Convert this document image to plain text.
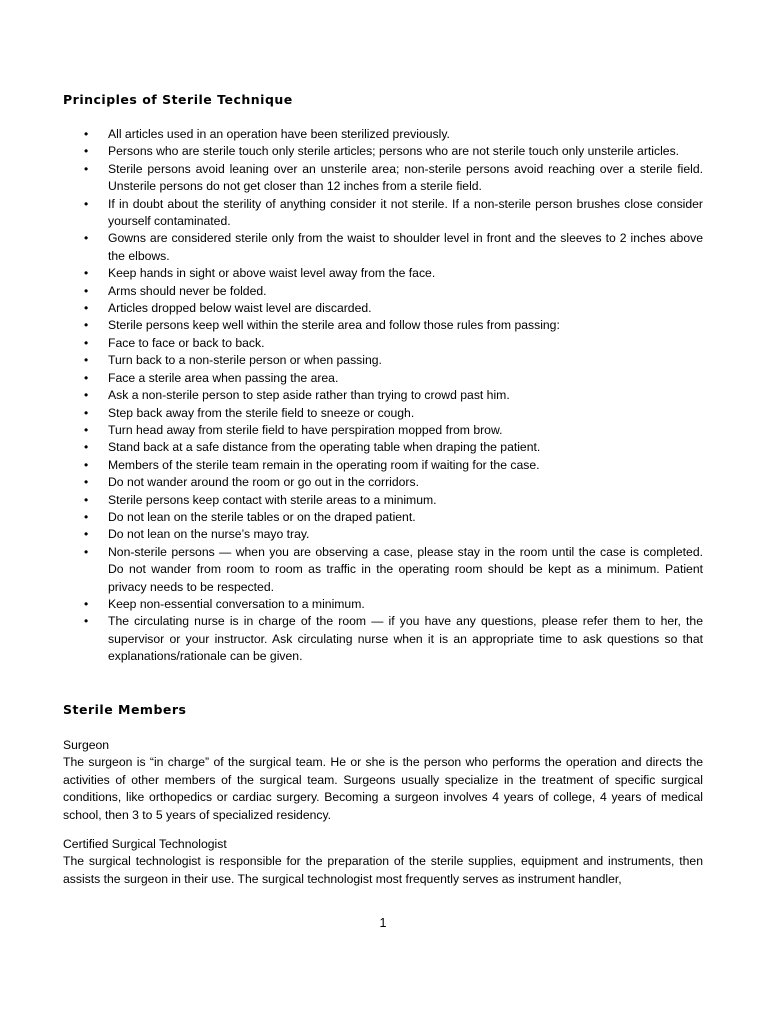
Principles of Sterile Technique
• All articles used in an operation have been sterilized previously.
• Persons who are sterile touch only sterile articles; persons who are not sterile touch only unsterile articles.
• Sterile persons avoid leaning over an unsterile area; non-sterile persons avoid reaching over a sterile field. Unsterile persons do not get closer than 12 inches from a sterile field.
• If in doubt about the sterility of anything consider it not sterile. If a non-sterile person brushes close consider yourself contaminated.
• Gowns are considered sterile only from the waist to shoulder level in front and the sleeves to 2 inches above the elbows.
• Keep hands in sight or above waist level away from the face.
• Arms should never be folded.
• Articles dropped below waist level are discarded.
• Sterile persons keep well within the sterile area and follow those rules from passing:
• Face to face or back to back.
• Turn back to a non-sterile person or when passing.
• Face a sterile area when passing the area.
• Ask a non-sterile person to step aside rather than trying to crowd past him.
• Step back away from the sterile field to sneeze or cough.
• Turn head away from sterile field to have perspiration mopped from brow.
• Stand back at a safe distance from the operating table when draping the patient.
• Members of the sterile team remain in the operating room if waiting for the case.
• Do not wander around the room or go out in the corridors.
• Sterile persons keep contact with sterile areas to a minimum.
• Do not lean on the sterile tables or on the draped patient.
• Do not lean on the nurse’s mayo tray.
• Non-sterile persons — when you are observing a case, please stay in the room until the case is completed. Do not wander from room to room as traffic in the operating room should be kept as a minimum. Patient privacy needs to be respected.
• Keep non-essential conversation to a minimum.
• The circulating nurse is in charge of the room — if you have any questions, please refer them to her, the supervisor or your instructor. Ask circulating nurse when it is an appropriate time to ask questions so that explanations/rationale can be given.
Sterile Members

Surgeon

The surgeon is “in charge” of the surgical team. He or she is the person who performs the operation and directs the activities of other members of the surgical team. Surgeons usually specialize in the treatment of specific surgical conditions, like orthopedics or cardiac surgery. Becoming a surgeon involves 4 years of college, 4 years of medical school, then 3 to 5 years of specialized residency.

Certified Surgical Technologist

The surgical technologist is responsible for the preparation of the sterile supplies, equipment and instruments, then assists the surgeon in their use. The surgical technologist most frequently serves as instrument handler,

1
